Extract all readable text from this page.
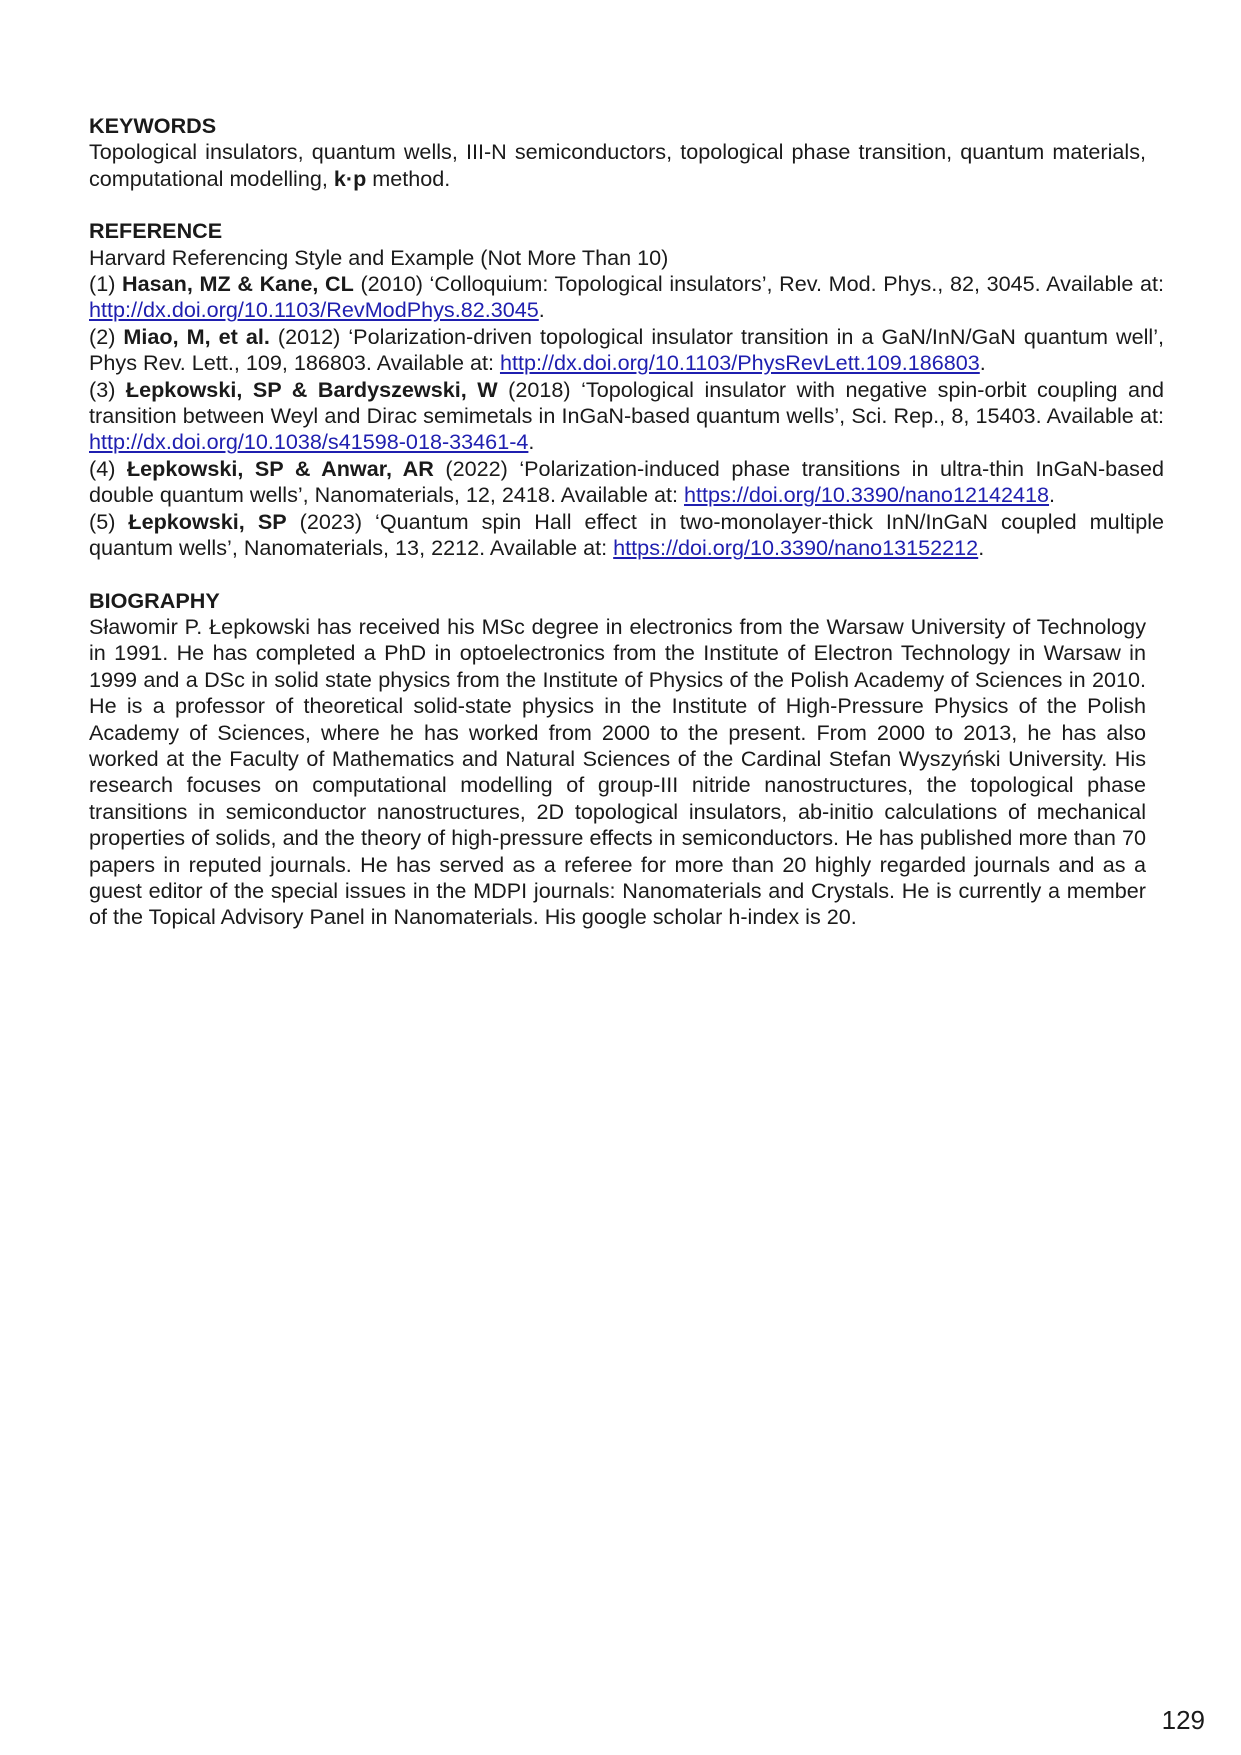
KEYWORDS
Topological insulators, quantum wells, III-N semiconductors, topological phase transition, quantum materials, computational modelling, k·p method.
REFERENCE
Harvard Referencing Style and Example (Not More Than 10)
(1) Hasan, MZ & Kane, CL (2010) ‘Colloquium: Topological insulators’, Rev. Mod. Phys., 82, 3045. Available at: http://dx.doi.org/10.1103/RevModPhys.82.3045.
(2) Miao, M, et al. (2012) ‘Polarization-driven topological insulator transition in a GaN/InN/GaN quantum well’, Phys Rev. Lett., 109, 186803. Available at: http://dx.doi.org/10.1103/PhysRevLett.109.186803.
(3) Łepkowski, SP & Bardyszewski, W (2018) ‘Topological insulator with negative spin-orbit coupling and transition between Weyl and Dirac semimetals in InGaN-based quantum wells’, Sci. Rep., 8, 15403. Available at: http://dx.doi.org/10.1038/s41598-018-33461-4.
(4) Łepkowski, SP & Anwar, AR (2022) ‘Polarization-induced phase transitions in ultra-thin InGaN-based double quantum wells’, Nanomaterials, 12, 2418. Available at: https://doi.org/10.3390/nano12142418.
(5) Łepkowski, SP (2023) ‘Quantum spin Hall effect in two-monolayer-thick InN/InGaN coupled multiple quantum wells’, Nanomaterials, 13, 2212. Available at: https://doi.org/10.3390/nano13152212.
BIOGRAPHY
Sławomir P. Łepkowski has received his MSc degree in electronics from the Warsaw University of Technology in 1991. He has completed a PhD in optoelectronics from the Institute of Electron Technology in Warsaw in 1999 and a DSc in solid state physics from the Institute of Physics of the Polish Academy of Sciences in 2010. He is a professor of theoretical solid-state physics in the Institute of High-Pressure Physics of the Polish Academy of Sciences, where he has worked from 2000 to the present. From 2000 to 2013, he has also worked at the Faculty of Mathematics and Natural Sciences of the Cardinal Stefan Wyszyński University. His research focuses on computational modelling of group-III nitride nanostructures, the topological phase transitions in semiconductor nanostructures, 2D topological insulators, ab-initio calculations of mechanical properties of solids, and the theory of high-pressure effects in semiconductors. He has published more than 70 papers in reputed journals. He has served as a referee for more than 20 highly regarded journals and as a guest editor of the special issues in the MDPI journals: Nanomaterials and Crystals. He is currently a member of the Topical Advisory Panel in Nanomaterials. His google scholar h-index is 20.
129
